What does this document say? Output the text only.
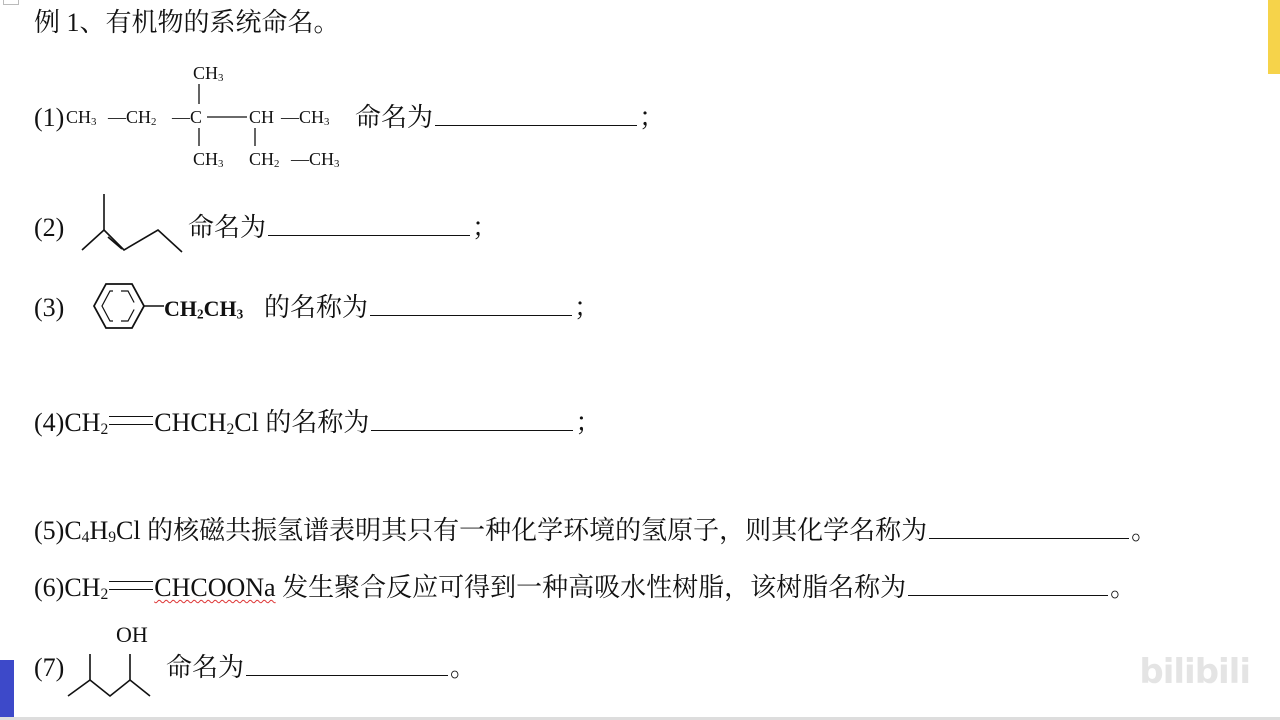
例 1、有机物的系统命名。
(1)
$CH_3$
$CH_3$ $—CH_2$ —C	CH $—CH_3$
$CH_3$ $CH_2$ $—CH_3$
命名为	；
(2)	命名为	；
(3)	$CH_2CH_3$ 的名称为	；
$(4)CH_2$ $CHCH_2Cl$ 的名称为	；
$(5)C_4H_9Cl$ 的核磁共振氢谱表明其只有一种化学环境的氢原子，则其化学名称为	。
$(6)CH_2$ CHCOONa 发生聚合反应可得到一种高吸水性树脂，该树脂名称为	。
(7)
OH
命名为	。	bilibili
